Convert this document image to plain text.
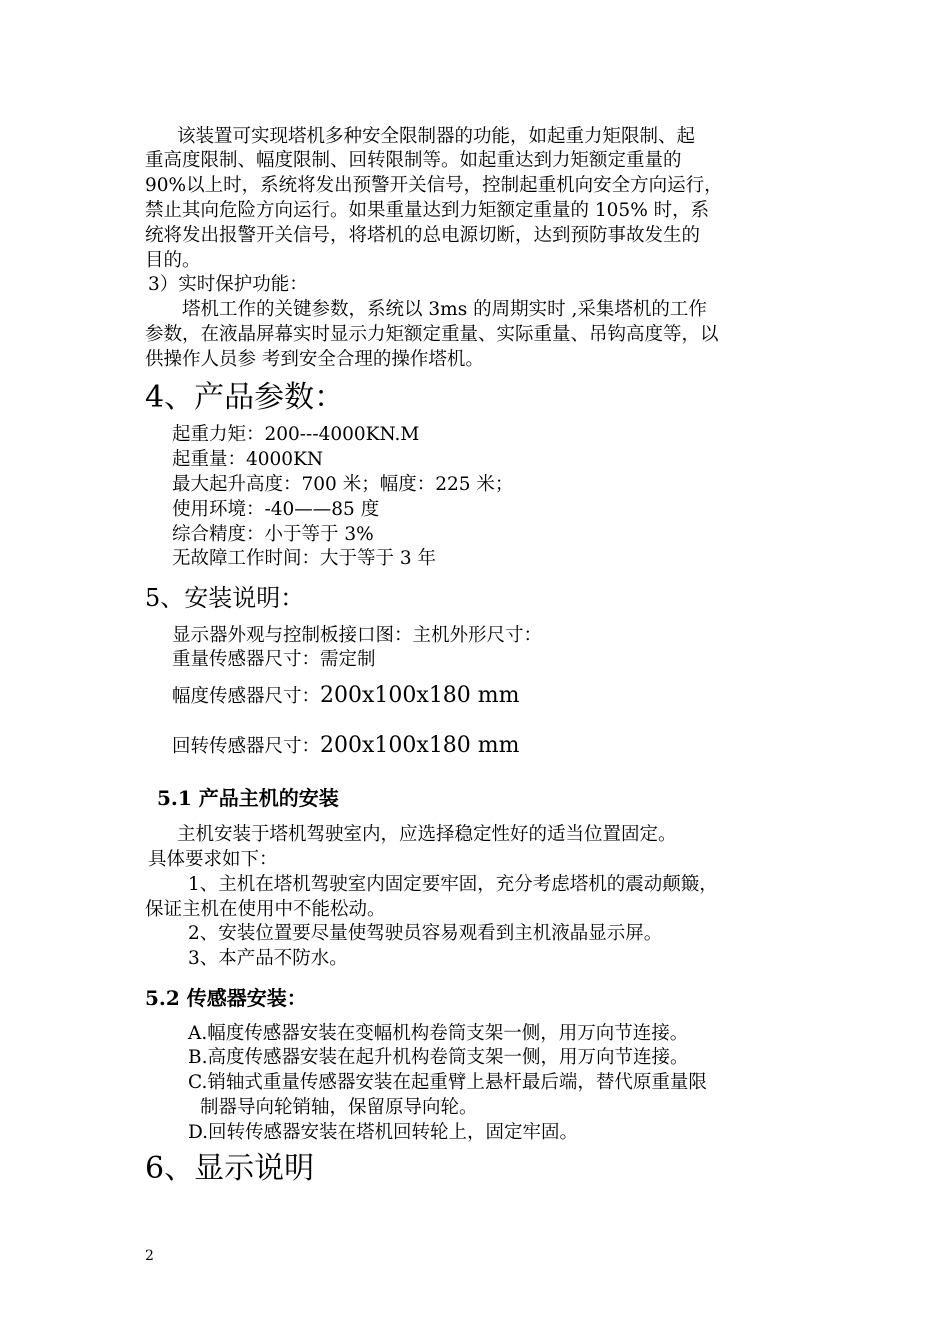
该装置可实现塔机多种安全限制器的功能，如起重力矩限制、起
重高度限制、幅度限制、回转限制等。如起重达到力矩额定重量的
90%以上时，系统将发出预警开关信号，控制起重机向安全方向运行，
禁止其向危险方向运行。如果重量达到力矩额定重量的 105% 时，系
统将发出报警开关信号，将塔机的总电源切断，达到预防事故发生的
目的。
3）实时保护功能：
塔机工作的关键参数，系统以 3ms 的周期实时 ,采集塔机的工作
参数，在液晶屏幕实时显示力矩额定重量、实际重量、吊钩高度等，以
供操作人员参 考到安全合理的操作塔机。
4、产品参数：
起重力矩：200---4000KN.M
起重量：4000KN
最大起升高度：700 米；幅度：225 米；
使用环境：-40——85 度
综合精度：小于等于 3%
无故障工作时间：大于等于 3 年
5、安装说明：
显示器外观与控制板接口图：主机外形尺寸：
重量传感器尺寸：需定制
幅度传感器尺寸：200x100x180 mm
回转传感器尺寸：200x100x180 mm
5.1 产品主机的安装
主机安装于塔机驾驶室内，应选择稳定性好的适当位置固定。
具体要求如下：
1、主机在塔机驾驶室内固定要牢固，充分考虑塔机的震动颠簸，
保证主机在使用中不能松动。
2、安装位置要尽量使驾驶员容易观看到主机液晶显示屏。
3、本产品不防水。
5.2 传感器安装：
A.幅度传感器安装在变幅机构卷筒支架一侧，用万向节连接。
B.高度传感器安装在起升机构卷筒支架一侧，用万向节连接。
C.销轴式重量传感器安装在起重臂上悬杆最后端，替代原重量限
制器导向轮销轴，保留原导向轮。
D.回转传感器安装在塔机回转轮上，固定牢固。
6、显示说明
2
